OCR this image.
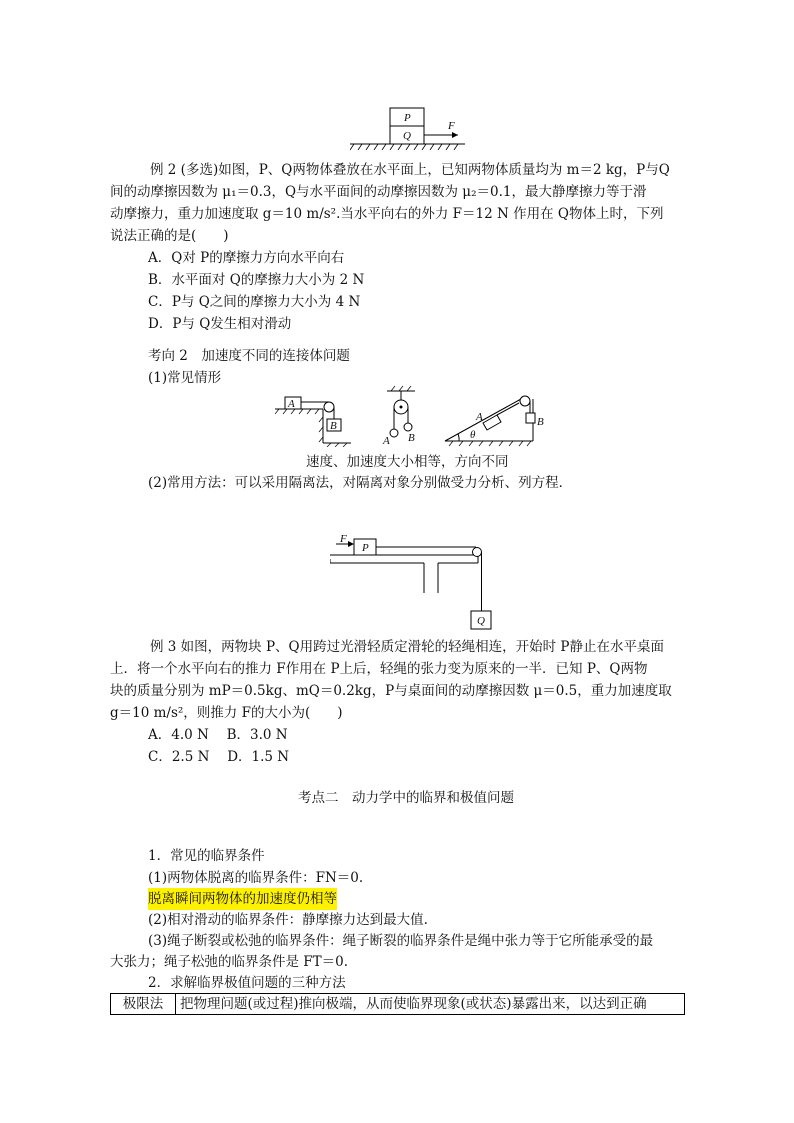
P
Q
F
例 2 (多选)如图，P、Q两物体叠放在水平面上，已知两物体质量均为 m＝2 kg，P与Q
间的动摩擦因数为 μ₁＝0.3，Q与水平面间的动摩擦因数为 μ₂＝0.1，最大静摩擦力等于滑
动摩擦力，重力加速度取 g＝10 m/s².当水平向右的外力 F＝12 N 作用在 Q物体上时，下列
说法正确的是(　　)
A．Q对 P的摩擦力方向水平向右
B．水平面对 Q的摩擦力大小为 2 N
C．P与 Q之间的摩擦力大小为 4 N
D．P与 Q发生相对滑动
考向 2　加速度不同的连接体问题
(1)常见情形
A
B
A B	θ
A	B
速度、加速度大小相等，方向不同
(2)常用方法：可以采用隔离法，对隔离对象分别做受力分析、列方程．
F
P
Q
例 3 如图，两物块 P、Q用跨过光滑轻质定滑轮的轻绳相连，开始时 P静止在水平桌面
上．将一个水平向右的推力 F作用在 P上后，轻绳的张力变为原来的一半．已知 P、Q两物
块的质量分别为 mP＝0.5kg、mQ＝0.2kg，P与桌面间的动摩擦因数 μ＝0.5，重力加速度取
g＝10 m/s²，则推力 F的大小为(　　)
A．4.0 N　 B．3.0 N
C．2.5 N　 D．1.5 N
考点二　动力学中的临界和极值问题
1．常见的临界条件
(1)两物体脱离的临界条件：FN＝0.
脱离瞬间两物体的加速度仍相等
(2)相对滑动的临界条件：静摩擦力达到最大值.
(3)绳子断裂或松弛的临界条件：绳子断裂的临界条件是绳中张力等于它所能承受的最
大张力；绳子松弛的临界条件是 FT＝0.
2．求解临界极值问题的三种方法
极限法	把物理问题(或过程)推向极端，从而使临界现象(或状态)暴露出来，以达到正确
